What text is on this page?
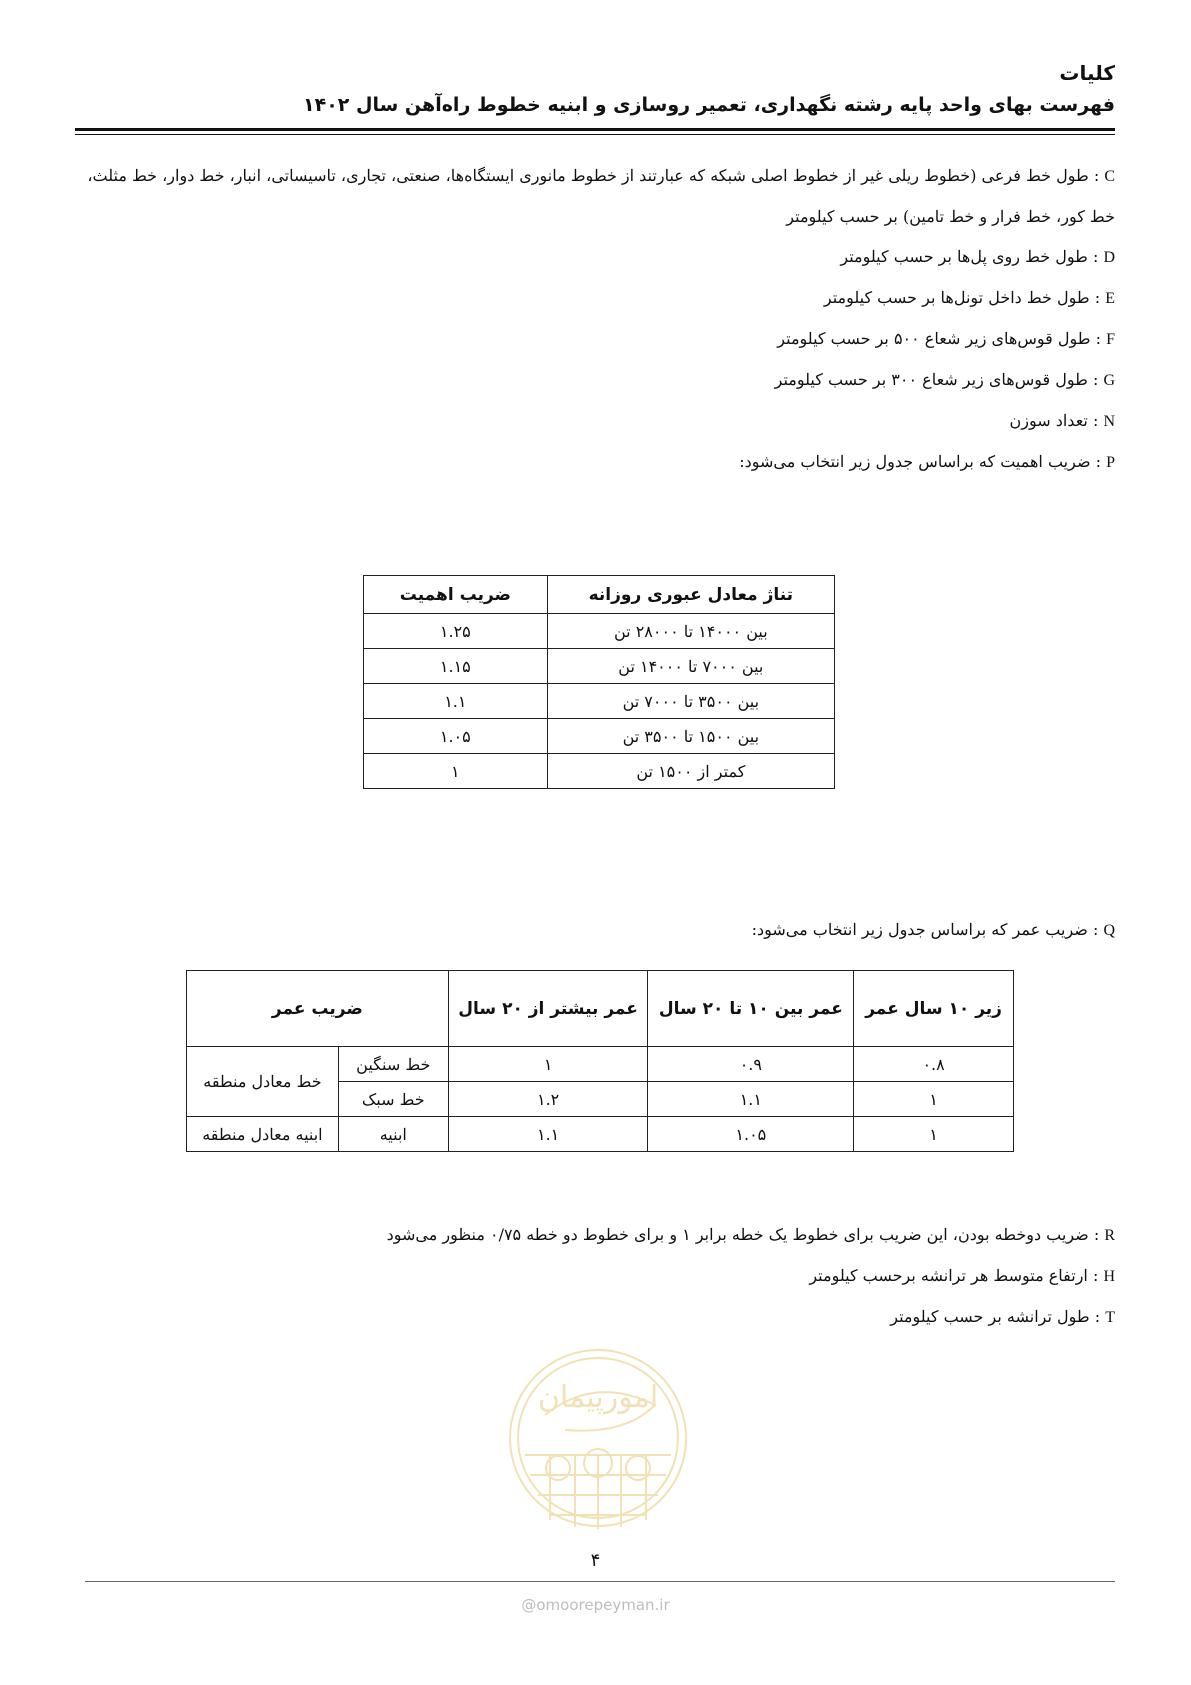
کلیات
فهرست بهای واحد پایه رشته نگهداری، تعمیر روسازی و ابنیه خطوط راه‌آهن سال ۱۴۰۲
C : طول خط فرعی (خطوط ریلی غیر از خطوط اصلی شبکه که عبارتند از خطوط مانوری ایستگاه‌ها، صنعتی، تجاری، تاسیساتی، انبار، خط دوار، خط مثلث، خط کور، خط فرار و خط تامین) بر حسب کیلومتر
D : طول خط روی پل‌ها بر حسب کیلومتر
E : طول خط داخل تونل‌ها بر حسب کیلومتر
F : طول قوس‌های زیر شعاع ۵۰۰ بر حسب کیلومتر
G : طول قوس‌های زیر شعاع ۳۰۰ بر حسب کیلومتر
N : تعداد سوزن
P : ضریب اهمیت که براساس جدول زیر انتخاب می‌شود:
تناژ معادل عبوری روزانه	ضریب اهمیت
بین ۱۴۰۰۰ تا ۲۸۰۰۰ تن	۱.۲۵
بین ۷۰۰۰ تا ۱۴۰۰۰ تن	۱.۱۵
بین ۳۵۰۰ تا ۷۰۰۰ تن	۱.۱
بین ۱۵۰۰ تا ۳۵۰۰ تن	۱.۰۵
کمتر از ۱۵۰۰ تن	۱
Q : ضریب عمر که براساس جدول زیر انتخاب می‌شود:
زیر ۱۰ سال عمر	عمر بین ۱۰ تا ۲۰ سال	عمر بیشتر از ۲۰ سال	ضریب عمر	
۰.۸	۰.۹	۱	خط سنگین	خط معادل منطقه
۱	۱.۱	۱.۲	خط سبک	
۱	۱.۰۵	۱.۱	ابنیه	ابنیه معادل منطقه
R : ضریب دوخطه بودن، این ضریب برای خطوط یک خطه برابر ۱ و برای خطوط دو خطه ۰/۷۵ منظور می‌شود
H : ارتفاع متوسط هر ترانشه برحسب کیلومتر
T : طول ترانشه بر حسب کیلومتر
امورپیمان
۴
@omoorepeyman.ir
